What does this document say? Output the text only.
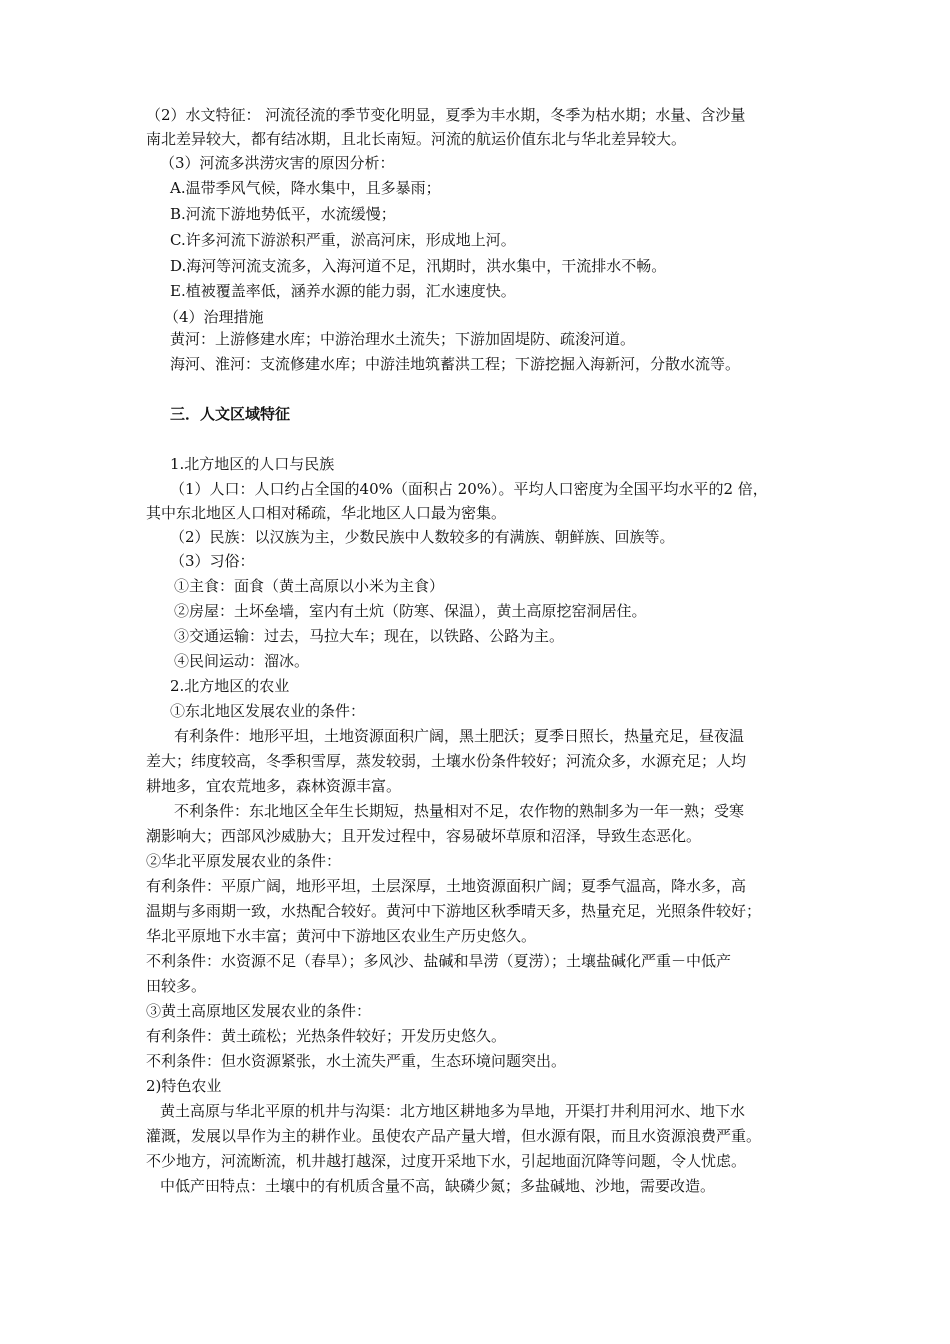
（2）水文特征： 河流径流的季节变化明显，夏季为丰水期，冬季为枯水期；水量、含沙量

南北差异较大，都有结冰期，且北长南短。河流的航运价值东北与华北差异较大。

（3）河流多洪涝灾害的原因分析：

A.温带季风气候，降水集中，且多暴雨；

B.河流下游地势低平，水流缓慢；

C.许多河流下游淤积严重，淤高河床，形成地上河。

D.海河等河流支流多，入海河道不足，汛期时，洪水集中，干流排水不畅。

E.植被覆盖率低，涵养水源的能力弱，汇水速度快。

（4）治理措施

黄河：上游修建水库；中游治理水土流失；下游加固堤防、疏浚河道。

海河、淮河：支流修建水库；中游洼地筑蓄洪工程；下游挖掘入海新河，分散水流等。

三．人文区域特征

1.北方地区的人口与民族

（1）人口：人口约占全国的40%（面积占 20%）。平均人口密度为全国平均水平的2 倍，

其中东北地区人口相对稀疏，华北地区人口最为密集。

（2）民族：以汉族为主，少数民族中人数较多的有满族、朝鲜族、回族等。

（3）习俗：

①主食：面食（黄土高原以小米为主食）

②房屋：土坏垒墙，室内有土炕（防寒、保温），黄土高原挖窑洞居住。

③交通运输：过去，马拉大车；现在，以铁路、公路为主。

④民间运动：溜冰。

2.北方地区的农业

①东北地区发展农业的条件：

有利条件：地形平坦，土地资源面积广阔，黑土肥沃；夏季日照长，热量充足，昼夜温

差大；纬度较高，冬季积雪厚，蒸发较弱，土壤水份条件较好；河流众多，水源充足；人均

耕地多，宜农荒地多，森林资源丰富。

不利条件：东北地区全年生长期短，热量相对不足，农作物的熟制多为一年一熟；受寒

潮影响大；西部风沙威胁大；且开发过程中，容易破坏草原和沼泽，导致生态恶化。

②华北平原发展农业的条件：

有利条件：平原广阔，地形平坦，土层深厚，土地资源面积广阔；夏季气温高，降水多，高

温期与多雨期一致，水热配合较好。黄河中下游地区秋季晴天多，热量充足，光照条件较好；

华北平原地下水丰富；黄河中下游地区农业生产历史悠久。

不利条件：水资源不足（春旱）；多风沙、盐碱和旱涝（夏涝）；土壤盐碱化严重－中低产

田较多。

③黄土高原地区发展农业的条件：

有利条件：黄土疏松；光热条件较好；开发历史悠久。

不利条件：但水资源紧张，水土流失严重，生态环境问题突出。

2)特色农业

黄土高原与华北平原的机井与沟渠：北方地区耕地多为旱地，开渠打井利用河水、地下水

灌溉，发展以旱作为主的耕作业。虽使农产品产量大增，但水源有限，而且水资源浪费严重。

不少地方，河流断流，机井越打越深，过度开采地下水，引起地面沉降等问题，令人忧虑。

中低产田特点：土壤中的有机质含量不高，缺磷少氮；多盐碱地、沙地，需要改造。
